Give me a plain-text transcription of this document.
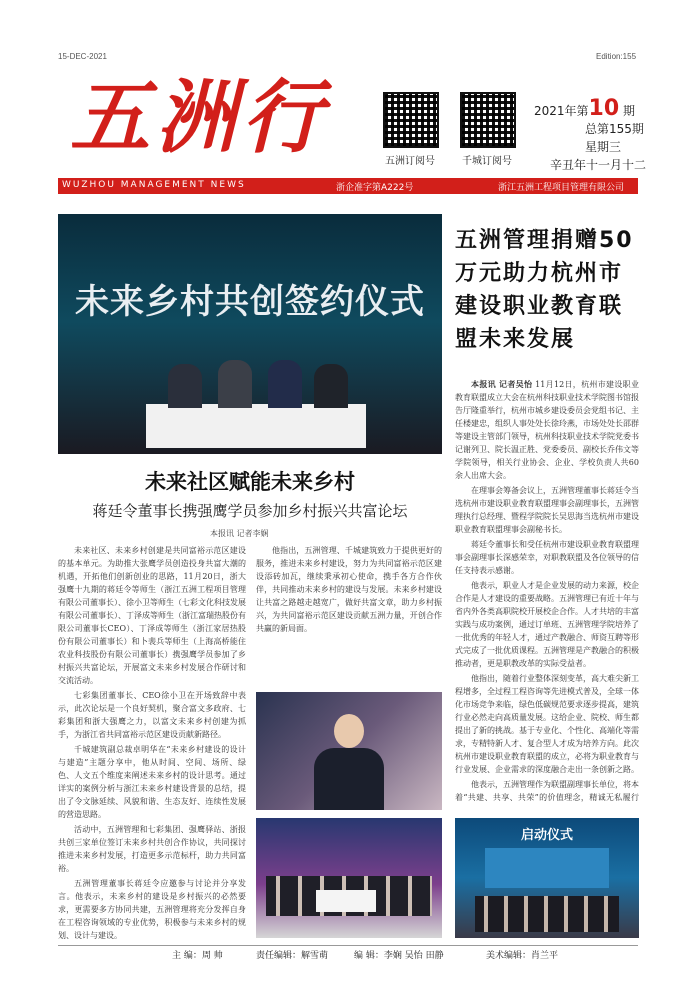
15-DEC-2021	Edition:155
五洲行	五洲订阅号	千城订阅号
2021年第10 期
总第155期
星期三
辛丑年十一月十二
WUZHOU MANAGEMENT NEWS	浙企准字第A222号	浙江五洲工程项目管理有限公司
未来乡村共创签约仪式
未来社区赋能未来乡村
蒋廷令董事长携强鹰学员参加乡村振兴共富论坛
本报讯 记者李娴

未来社区、未来乡村创建是共同富裕示范区建设的基本单元。为助推大张鹰学员创造投身共富大潮的机遇，开拓他们创新创业的思路，11月20日，浙大强鹰十九期的蒋廷令等师生（浙江五洲工程项目管理有限公司董事长）、徐小卫等师生（七彩文化科技发展有限公司董事长）、丁泽成等师生（浙江富瑞热股份有限公司董事长CEO）、丁泽成等师生（浙江家居热股份有限公司董事长）和卜裴兵等师生（上海高桥能住农业科技股份有限公司董事长）携强鹰学员参加了乡村振兴共富论坛，开展富文未来乡村发展合作研讨和交流活动。

七彩集团董事长、CEO徐小卫在开场致辞中表示，此次论坛是一个良好契机，聚合富文多政府、七彩集团和浙大强鹰之力，以富文未来乡村创建为抓手，为浙江省共同富裕示范区建设贡献新路径。

千城建筑副总裁卓明华在“未来乡村建设的设计与建造”主题分享中，他从时间、空间、场所、绿色、人文五个维度来阐述未来乡村的设计思考。通过详实的案例分析与浙江未来乡村建设背景的总结，提出了令文脉延续、风貌和谐、生态友好、连续性发展的营造思路。

活动中，五洲管理和七彩集团、强鹰驿站、浙报共创三家单位签订未来乡村共创合作协议，共同探讨推进未来乡村发展，打造更多示范标杆，助力共同富裕。

五洲管理董事长蒋廷令应邀参与讨论并分享发言。他表示，未来乡村的建设是乡村振兴的必然要求，更需要多方协同共建，五洲管理将充分发挥自身在工程咨询领域的专业优势，积极参与未来乡村的规划、设计与建设。

他指出，五洲管理、千城建筑致力于提供更好的服务，推进未来乡村建设，努力为共同富裕示范区建设添砖加瓦，继续秉承初心使命，携手各方合作伙伴，共同推动未来乡村的建设与发展。未来乡村建设让共富之路越走越宽广，做好共富文章，助力乡村振兴，为共同富裕示范区建设贡献五洲力量，开创合作共赢的新局面。

五洲管理捐赠50万元助力杭州市建设职业教育联盟未来发展

本报讯 记者吴怡 11月12日，杭州市建设职业教育联盟成立大会在杭州科技职业技术学院图书馆报告厅隆重举行，杭州市城乡建设委员会党组书记、主任楼建忠，组织人事处处长徐玲燕，市场处处长邵群等建设主管部门领导，杭州科技职业技术学院党委书记谢列卫、院长温正胜、党委委员、副校长乔伟文等学院领导，相关行业协会、企业、学校负责人共60余人出席大会。

在理事会筹备会议上，五洲管理董事长蒋廷令当选杭州市建设职业教育联盟理事会副理事长，五洲管理执行总经理、暨程学院院长吴思海当选杭州市建设职业教育联盟理事会副秘书长。

蒋廷令董事长和受任杭州市建设职业教育联盟理事会副理事长深感荣幸，对职教联盟及各位领导的信任支持表示感谢。

他表示，职业人才是企业发展的动力来源，校企合作是人才建设的重要战略。五洲管理已有近十年与省内外各类高职院校开展校企合作。人才共培的丰富实践与成功案例，通过订单班、五洲管理学院培养了一批优秀的年轻人才，通过产教融合、师资互聘等形式完成了一批优质课程。五洲管理是产教融合的积极推动者，更是职教改革的实际受益者。

他指出，随着行业整体深刻变革，高大难尖新工程增多，全过程工程咨询等先进模式普及，全球一体化市场竞争来临，绿色低碳规范要求逐步提高，建筑行业必然走向高质量发展。这给企业、院校、师生都提出了新的挑战。基于专业化、个性化、高端化等需求，专精特新人才、复合型人才成为培养方向。此次杭州市建设职业教育联盟的成立，必将为职业教育与行业发展、企业需求的深度融合走出一条创新之路。

他表示，五洲管理作为联盟副理事长单位，将本着“共建、共享、共荣”的价值理念，精诚无私履行

启动仪式
主 编：周 帅	责任编辑：解雪萌	编 辑：李娴 吴怡 田静	美术编辑：肖兰平
